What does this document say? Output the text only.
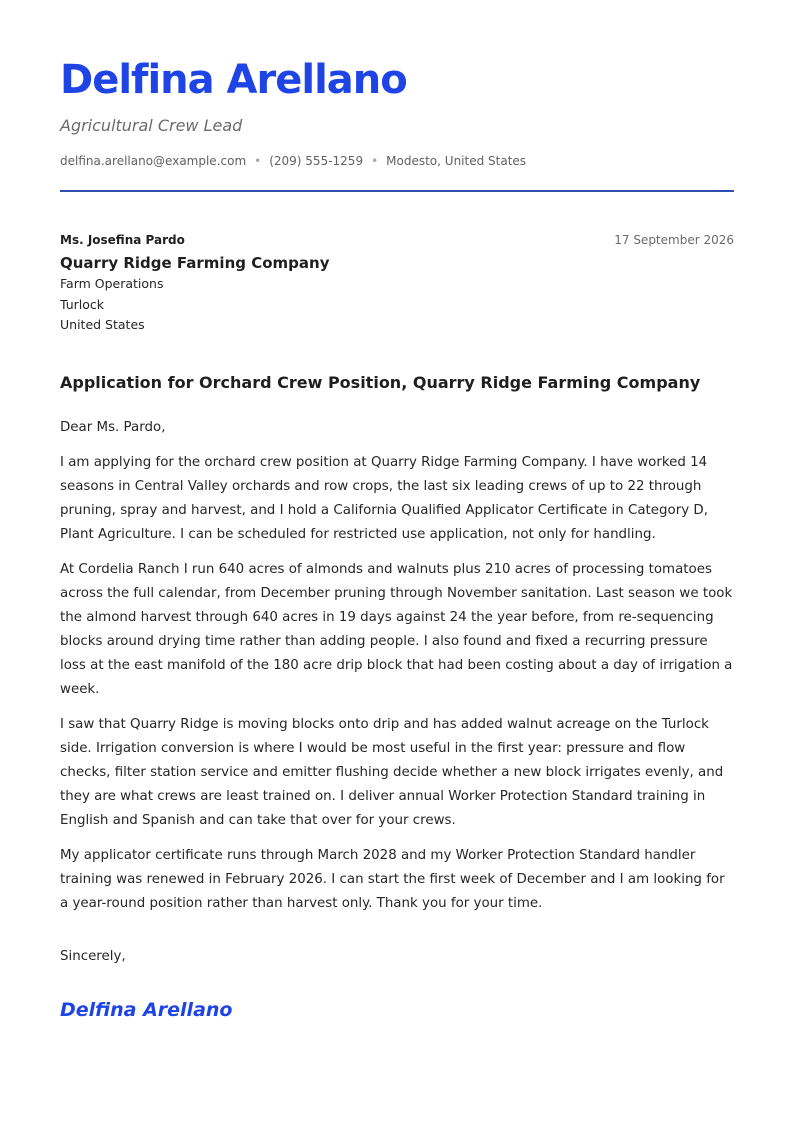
Delfina Arellano
Agricultural Crew Lead
delfina.arellano@example.com • (209) 555-1259 • Modesto, United States
Ms. Josefina Pardo
Quarry Ridge Farming Company
Farm Operations
Turlock
United States
17 September 2026
Application for Orchard Crew Position, Quarry Ridge Farming Company

Dear Ms. Pardo,

I am applying for the orchard crew position at Quarry Ridge Farming Company. I have worked 14 seasons in Central Valley orchards and row crops, the last six leading crews of up to 22 through pruning, spray and harvest, and I hold a California Qualified Applicator Certificate in Category D, Plant Agriculture. I can be scheduled for restricted use application, not only for handling.

At Cordelia Ranch I run 640 acres of almonds and walnuts plus 210 acres of processing tomatoes across the full calendar, from December pruning through November sanitation. Last season we took the almond harvest through 640 acres in 19 days against 24 the year before, from re-sequencing blocks around drying time rather than adding people. I also found and fixed a recurring pressure loss at the east manifold of the 180 acre drip block that had been costing about a day of irrigation a week.

I saw that Quarry Ridge is moving blocks onto drip and has added walnut acreage on the Turlock side. Irrigation conversion is where I would be most useful in the first year: pressure and flow checks, filter station service and emitter flushing decide whether a new block irrigates evenly, and they are what crews are least trained on. I deliver annual Worker Protection Standard training in English and Spanish and can take that over for your crews.

My applicator certificate runs through March 2028 and my Worker Protection Standard handler training was renewed in February 2026. I can start the first week of December and I am looking for a year-round position rather than harvest only. Thank you for your time.

Sincerely,
Delfina Arellano
